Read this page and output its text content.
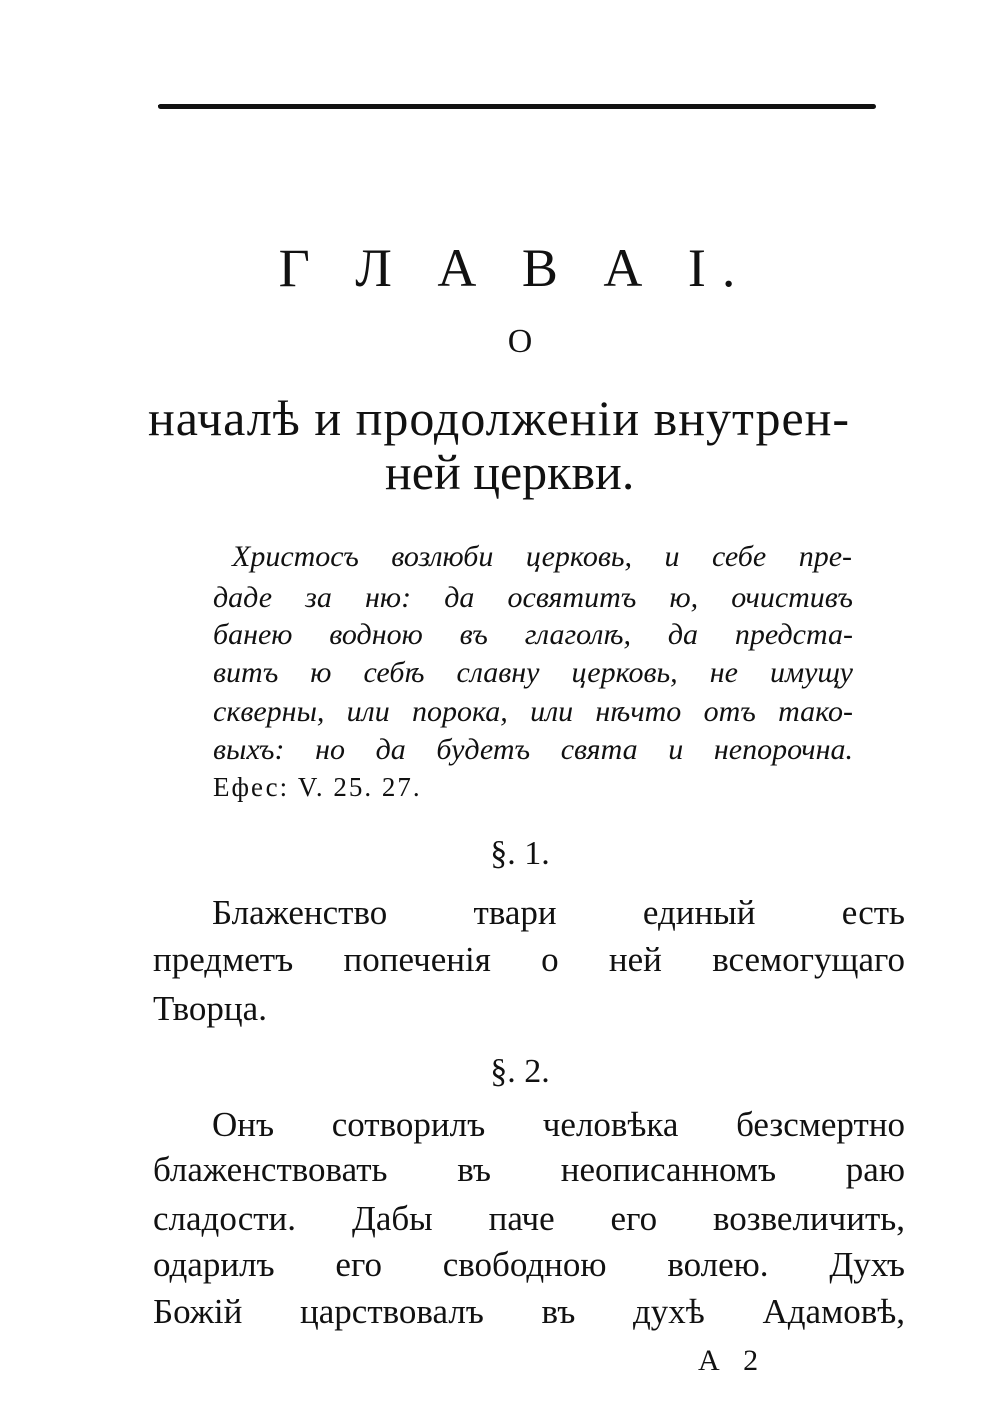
Г Л А В А I.
О
началѣ и продолженіи внутрен-
ней церкви.
Христосъ возлюби церковь, и себе пре-
даде за ню: да освятитъ ю, очистивъ
банею водною въ глаголѣ, да предста-
витъ ю себѣ славну церковь, не имущу
скверны, или порока, или нѣчто отъ тако-
выхъ: но да будетъ свята и непорочна.
Ефес: V. 25. 27.
§. 1.
Блаженство твари единый есть
предметъ попеченія о ней всемогущаго
Творца.
§. 2.
Онъ сотворилъ человѣка безсмертно
блаженствовать въ неописанномъ раю
сладости. Дабы паче его возвеличить,
одарилъ его свободною волею. Духъ
Божій царствовалъ въ духѣ Адамовѣ,
А 2
